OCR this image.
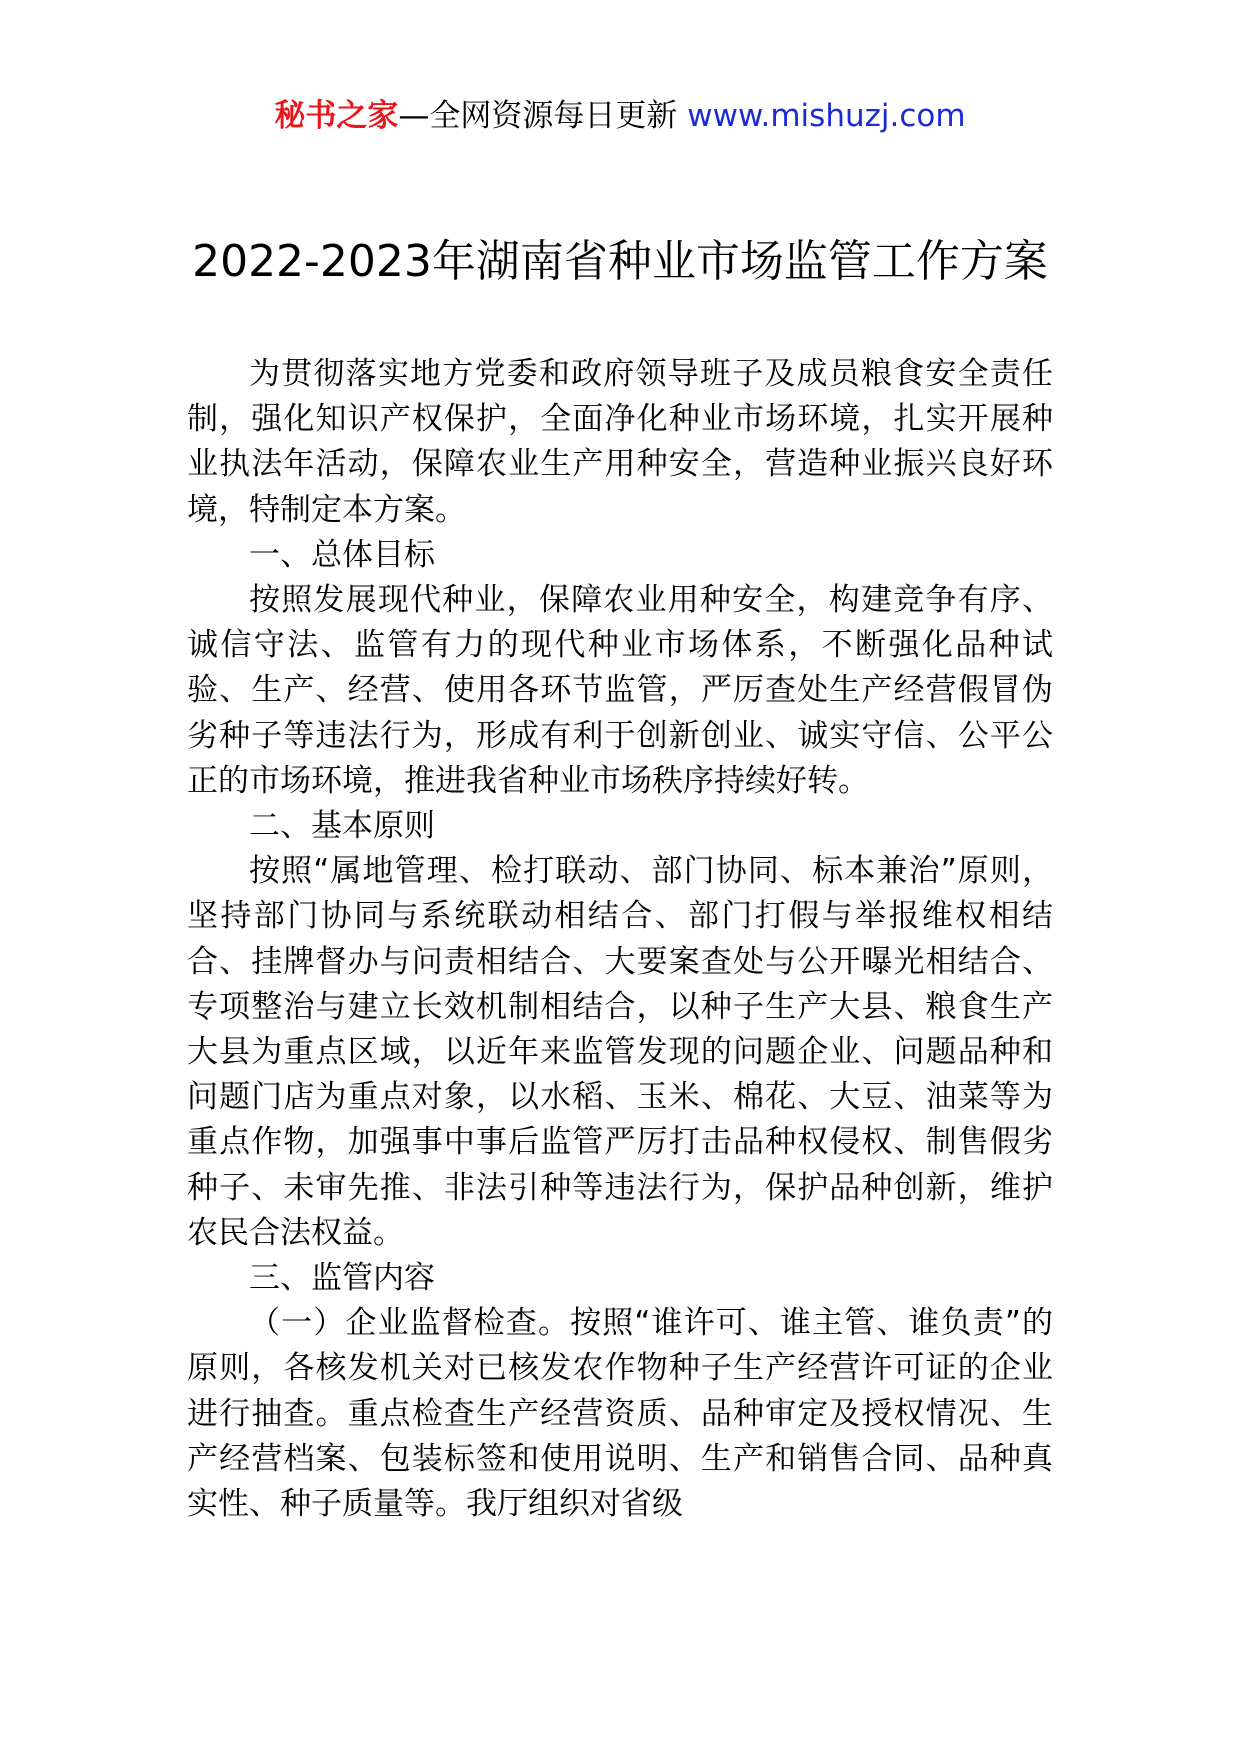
秘书之家—全网资源每日更新 www.mishuzj.com
2022-2023年湖南省种业市场监管工作方案

为贯彻落实地方党委和政府领导班子及成员粮食安全责任制，强化知识产权保护，全面净化种业市场环境，扎实开展种业执法年活动，保障农业生产用种安全，营造种业振兴良好环境，特制定本方案。

一、总体目标

按照发展现代种业，保障农业用种安全，构建竞争有序、诚信守法、监管有力的现代种业市场体系，不断强化品种试验、生产、经营、使用各环节监管，严厉查处生产经营假冒伪劣种子等违法行为，形成有利于创新创业、诚实守信、公平公正的市场环境，推进我省种业市场秩序持续好转。

二、基本原则

按照“属地管理、检打联动、部门协同、标本兼治”原则，坚持部门协同与系统联动相结合、部门打假与举报维权相结合、挂牌督办与问责相结合、大要案查处与公开曝光相结合、专项整治与建立长效机制相结合，以种子生产大县、粮食生产大县为重点区域，以近年来监管发现的问题企业、问题品种和问题门店为重点对象，以水稻、玉米、棉花、大豆、油菜等为重点作物，加强事中事后监管严厉打击品种权侵权、制售假劣种子、未审先推、非法引种等违法行为，保护品种创新，维护农民合法权益。

三、监管内容

（一）企业监督检查。按照“谁许可、谁主管、谁负责”的原则，各核发机关对已核发农作物种子生产经营许可证的企业进行抽查。重点检查生产经营资质、品种审定及授权情况、生产经营档案、包装标签和使用说明、生产和销售合同、品种真实性、种子质量等。我厅组织对省级
